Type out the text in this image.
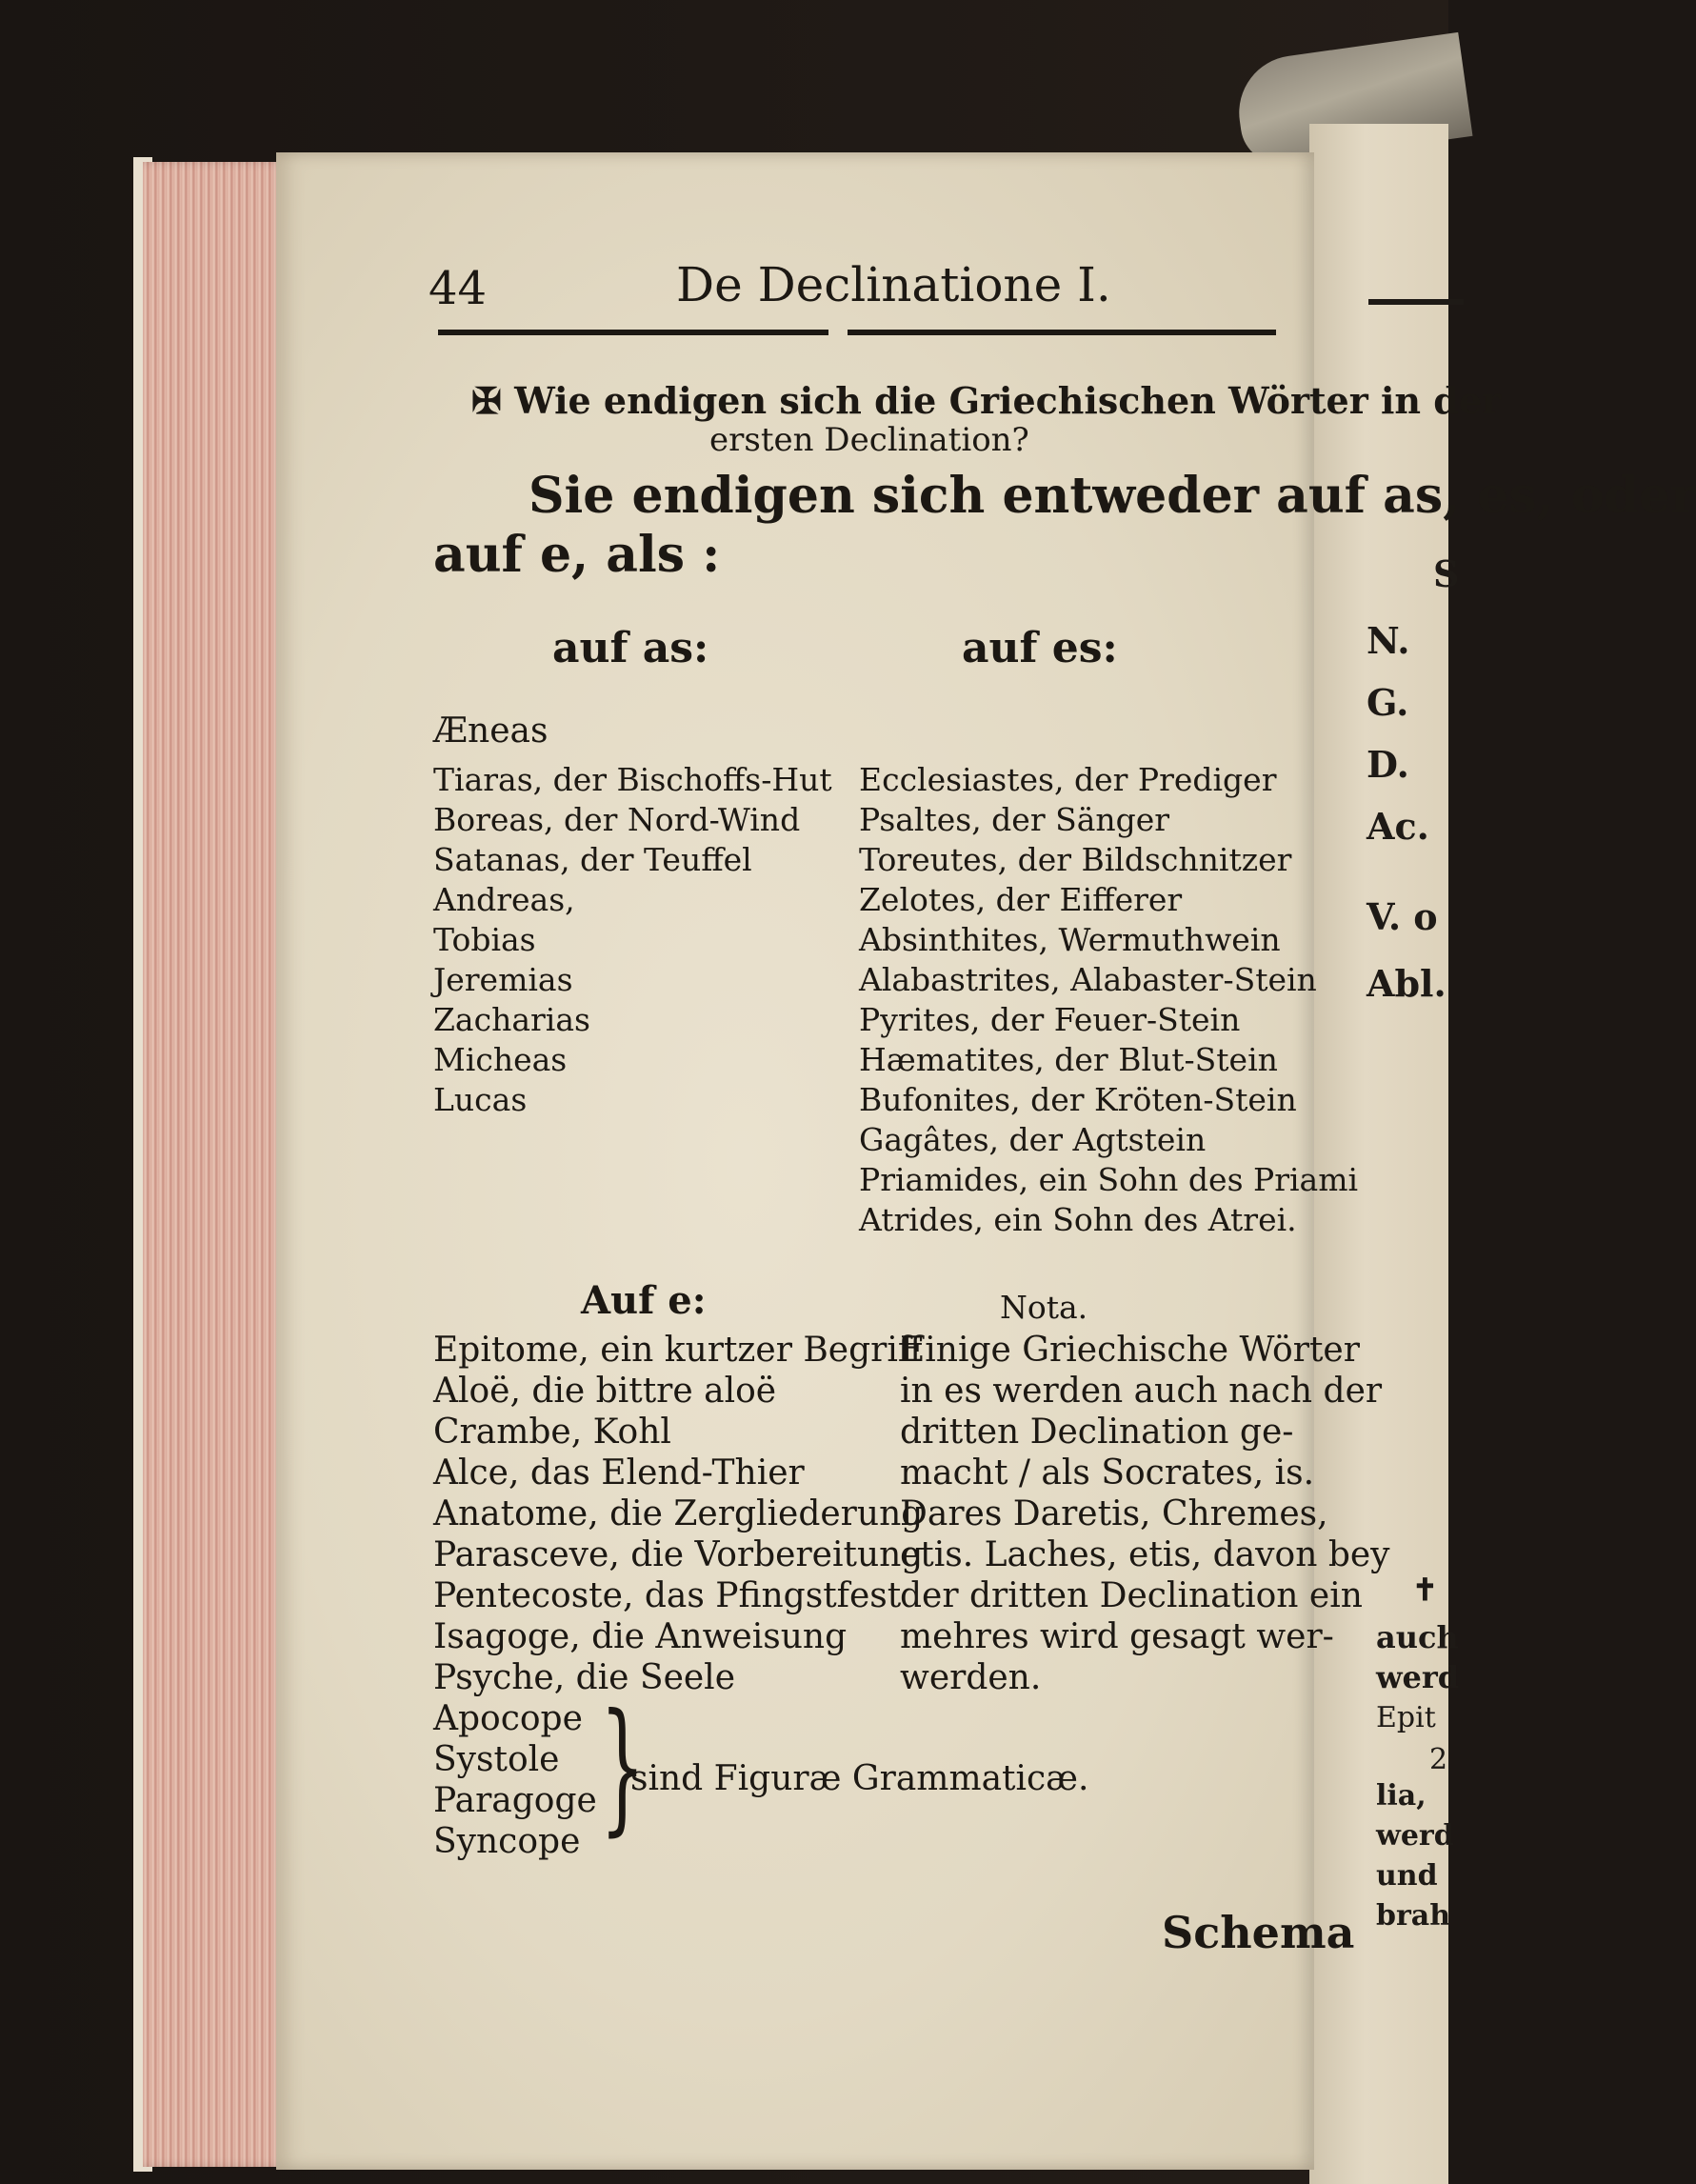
S
N.
G.
D.
Ac.
V. o
Abl.
✝
auch
werd
Epit
2
lia,
werd
und
brah
44	De Declinatione I.
✠ Wie endigen sich die Griechischen Wörter in der
ersten Declination?
Sie endigen sich entweder auf as, es, oder
auf e, als :
auf as:	auf es:
Æneas
Tiaras, der Bischoffs-Hut
Boreas, der Nord-Wind
Satanas, der Teuffel
Andreas,
Tobias
Jeremias
Zacharias
Micheas
Lucas
Ecclesiastes, der Prediger
Psaltes, der Sänger
Toreutes, der Bildschnitzer
Zelotes, der Eifferer
Absinthites, Wermuthwein
Alabastrites, Alabaster-Stein
Pyrites, der Feuer-Stein
Hæmatites, der Blut-Stein
Bufonites, der Kröten-Stein
Gagâtes, der Agtstein
Priamides, ein Sohn des Priami
Atrides, ein Sohn des Atrei.
Auf e:	Nota.
Epitome, ein kurtzer Begriff
Aloë, die bittre aloë
Crambe, Kohl
Alce, das Elend-Thier
Anatome, die Zergliederung
Parasceve, die Vorbereitung
Pentecoste, das Pfingstfest
Isagoge, die Anweisung
Psyche, die Seele
Apocope
Systole
Paragoge
Syncope }
sind Figuræ Grammaticæ.
Einige Griechische Wörter
in es werden auch nach der
dritten Declination ge-
macht / als Socrates, is.
Dares Daretis, Chremes,
etis. Laches, etis, davon bey
der dritten Declination ein
mehres wird gesagt wer-
werden.
Schema
